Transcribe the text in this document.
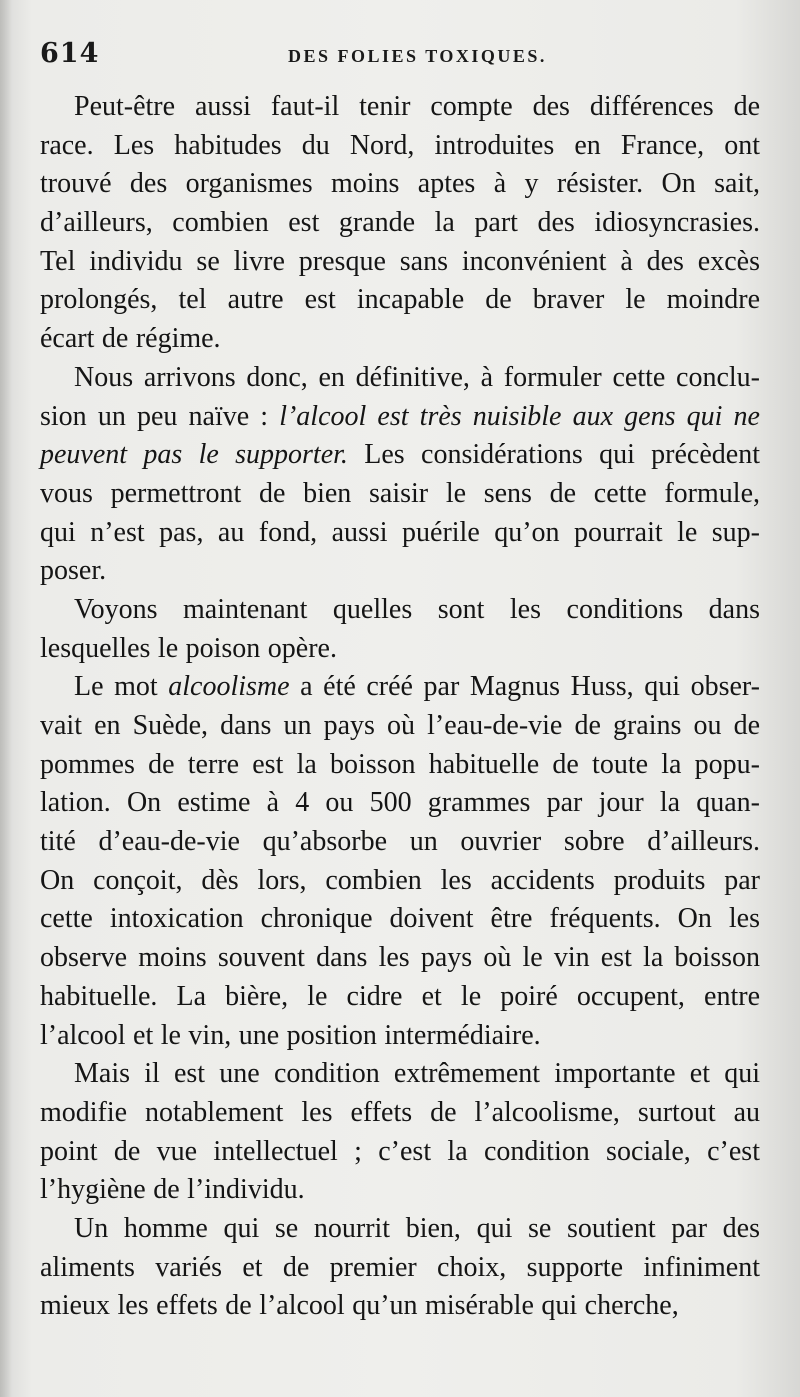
614	DES FOLIES TOXIQUES.
Peut-être aussi faut-il tenir compte des différences de
race. Les habitudes du Nord, introduites en France, ont
trouvé des organismes moins aptes à y résister. On sait,
d’ailleurs, combien est grande la part des idiosyncrasies.
Tel individu se livre presque sans inconvénient à des excès
prolongés, tel autre est incapable de braver le moindre
écart de régime.
Nous arrivons donc, en définitive, à formuler cette conclu-
sion un peu naïve : l’alcool est très nuisible aux gens qui ne
peuvent pas le supporter. Les considérations qui précèdent
vous permettront de bien saisir le sens de cette formule,
qui n’est pas, au fond, aussi puérile qu’on pourrait le sup-
poser.
Voyons maintenant quelles sont les conditions dans
lesquelles le poison opère.
Le mot alcoolisme a été créé par Magnus Huss, qui obser-
vait en Suède, dans un pays où l’eau-de-vie de grains ou de
pommes de terre est la boisson habituelle de toute la popu-
lation. On estime à 4 ou 500 grammes par jour la quan-
tité d’eau-de-vie qu’absorbe un ouvrier sobre d’ailleurs.
On conçoit, dès lors, combien les accidents produits par
cette intoxication chronique doivent être fréquents. On les
observe moins souvent dans les pays où le vin est la boisson
habituelle. La bière, le cidre et le poiré occupent, entre
l’alcool et le vin, une position intermédiaire.
Mais il est une condition extrêmement importante et qui
modifie notablement les effets de l’alcoolisme, surtout au
point de vue intellectuel ; c’est la condition sociale, c’est
l’hygiène de l’individu.
Un homme qui se nourrit bien, qui se soutient par des
aliments variés et de premier choix, supporte infiniment
mieux les effets de l’alcool qu’un misérable qui cherche,
